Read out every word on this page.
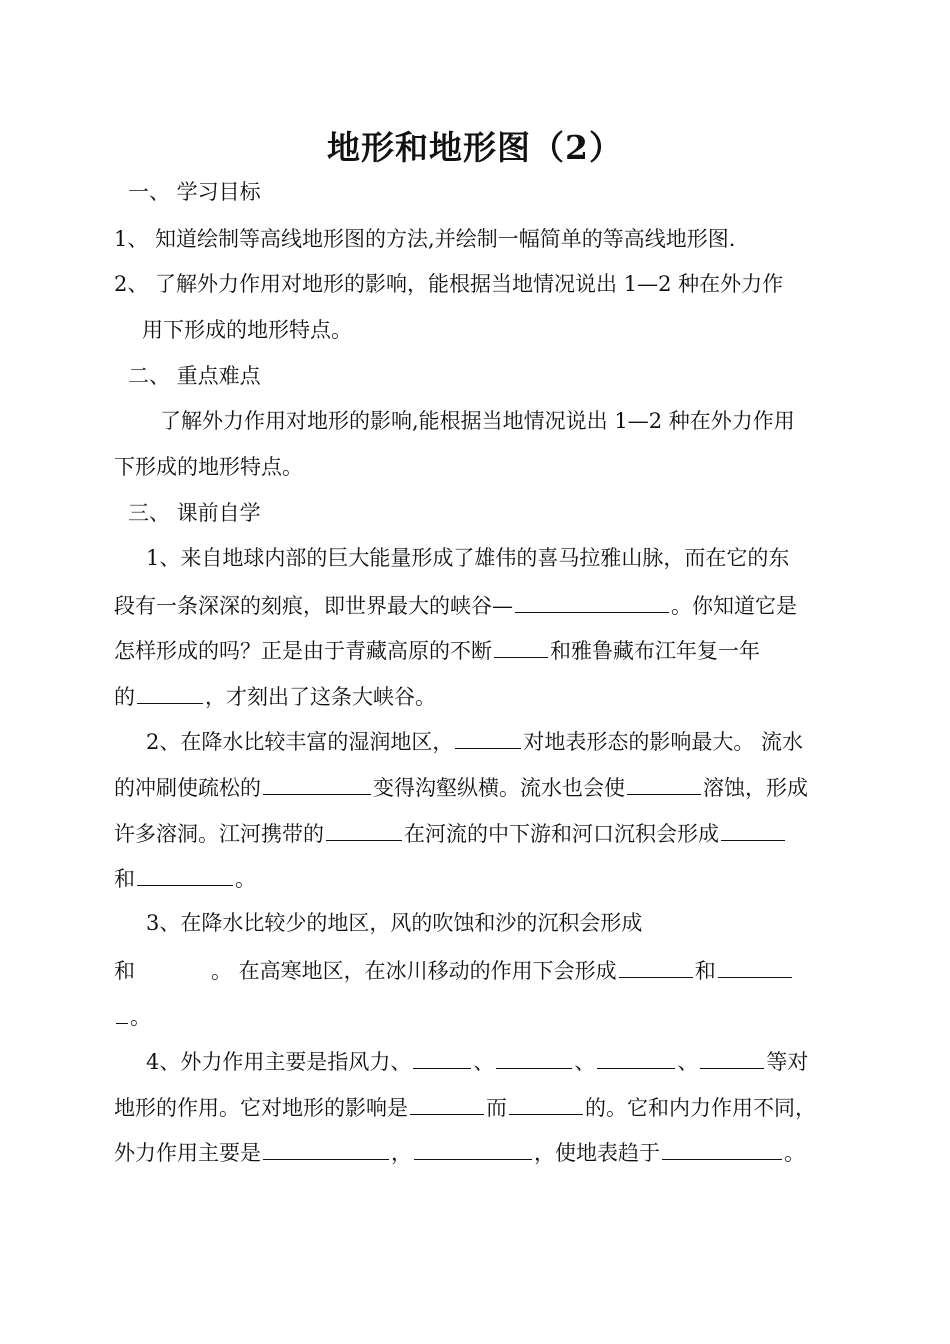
地形和地形图（2）
一、 学习目标
1、 知道绘制等高线地形图的方法,并绘制一幅简单的等高线地形图.
2、 了解外力作用对地形的影响，能根据当地情况说出 1—2 种在外力作
用下形成的地形特点。
二、 重点难点
了解外力作用对地形的影响,能根据当地情况说出 1—2 种在外力作用
下形成的地形特点。
三、 课前自学
1、来自地球内部的巨大能量形成了雄伟的喜马拉雅山脉，而在它的东
段有一条深深的刻痕，即世界最大的峡谷—	。你知道它是
怎样形成的吗？正是由于青藏高原的不断	和雅鲁藏布江年复一年
的	，才刻出了这条大峡谷。
2、在降水比较丰富的湿润地区，	对地表形态的影响最大。 流水
的冲刷使疏松的	变得沟壑纵横。流水也会使	溶蚀，形成
许多溶洞。江河携带的	在河流的中下游和河口沉积会形成
和	。
3、在降水比较少的地区，风的吹蚀和沙的沉积会形成
和	。 在高寒地区，在冰川移动的作用下会形成	和
。
4、外力作用主要是指风力、	、	、	、	等对
地形的作用。它对地形的影响是	而	的。它和内力作用不同，
外力作用主要是	，	，使地表趋于	。
